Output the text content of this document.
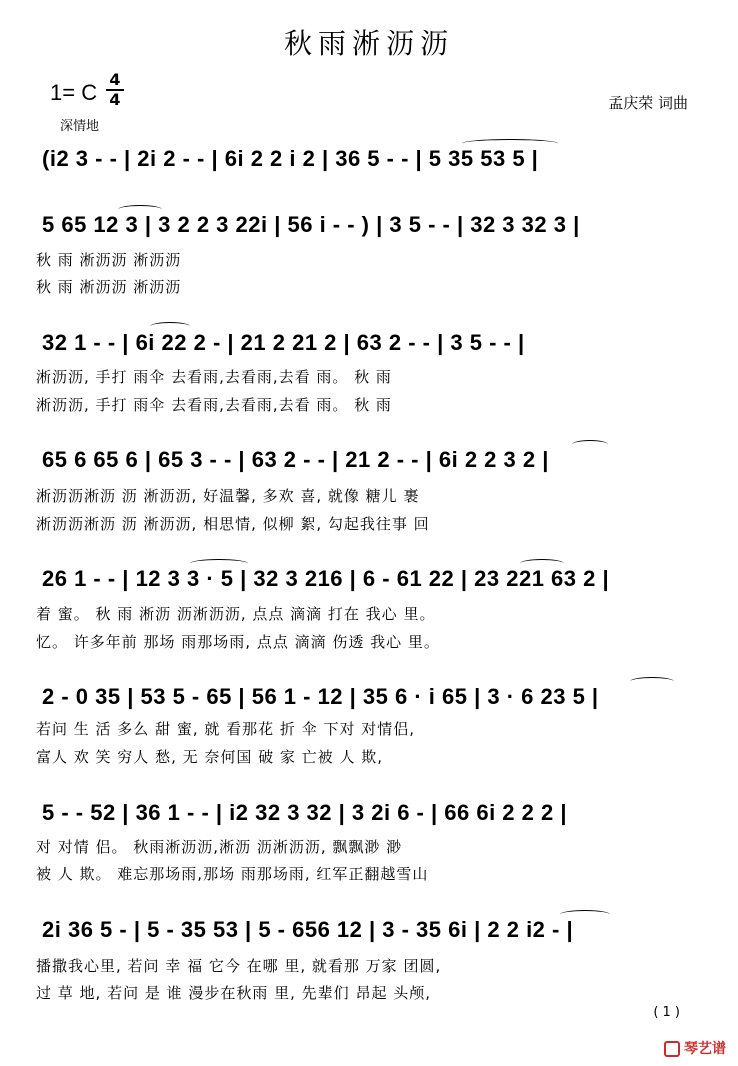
秋雨淅沥沥
1= C
4
4
深情地
孟庆荣 词曲
(i2 3 - - | 2i 2 - - | 6i 2 2 i 2 | 36 5 - - | 5 35 53 5 |
5 65 12 3 | 3 2 2 3 22i | 56 i - - ) | 3 5 - - | 32 3 32 3 |
秋 雨 淅沥沥 淅沥沥
秋 雨 淅沥沥 淅沥沥
32 1 - - | 6i 22 2 - | 21 2 21 2 | 63 2 - - | 3 5 - - |
淅沥沥, 手打 雨伞 去看雨,去看雨,去看 雨。 秋 雨
淅沥沥, 手打 雨伞 去看雨,去看雨,去看 雨。 秋 雨
65 6 65 6 | 65 3 - - | 63 2 - - | 21 2 - - | 6i 2 2 3 2 |
淅沥沥淅沥 沥 淅沥沥, 好温馨, 多欢 喜, 就像 糖儿 裹
淅沥沥淅沥 沥 淅沥沥, 相思情, 似柳 絮, 勾起我往事 回
26 1 - - | 12 3 3 · 5 | 32 3 216 | 6 - 61 22 | 23 221 63 2 |
着 蜜。 秋 雨 淅沥 沥淅沥沥, 点点 滴滴 打在 我心 里。
忆。 许多年前 那场 雨那场雨, 点点 滴滴 伤透 我心 里。
2 - 0 35 | 53 5 - 65 | 56 1 - 12 | 35 6 · i 65 | 3 · 6 23 5 |
若问 生 活 多么 甜 蜜, 就 看那花 折 伞 下对 对情侣,
富人 欢 笑 穷人 愁, 无 奈何国 破 家 亡被 人 欺,
5 - - 52 | 36 1 - - | i2 32 3 32 | 3 2i 6 - | 66 6i 2 2 2 |
对 对情 侣。 秋雨淅沥沥,淅沥 沥淅沥沥, 飘飘渺 渺
被 人 欺。 难忘那场雨,那场 雨那场雨, 红军正翻越雪山
2i 36 5 - | 5 - 35 53 | 5 - 656 12 | 3 - 35 6i | 2 2 i2 - |
播撒我心里, 若问 幸 福 它今 在哪 里, 就看那 万家 团圆,
过 草 地, 若问 是 谁 漫步在秋雨 里, 先辈们 昂起 头颅,
( 1 )
琴艺谱
